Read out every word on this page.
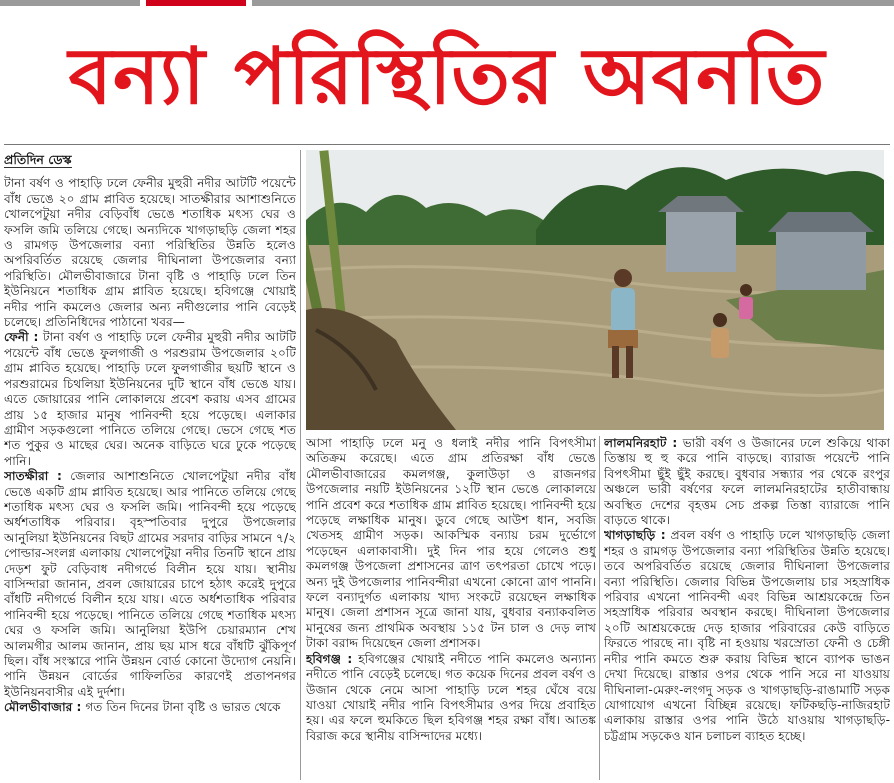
বন্যা পরিস্থিতির অবনতি
প্রতিদিন ডেস্ক

টানা বর্ষণ ও পাহাড়ি ঢলে ফেনীর মুহুরী নদীর আটটি পয়েন্টে বাঁধ ভেঙে ২০ গ্রাম প্লাবিত হয়েছে। সাতক্ষীরার আশাশুনিতে খোলপেটুয়া নদীর বেড়িবাঁধ ভেঙে শতাধিক মৎস্য ঘের ও ফসলি জমি তলিয়ে গেছে। অন্যদিকে খাগড়াছড়ি জেলা শহর ও রামগড় উপজেলার বন্যা পরিস্থিতির উন্নতি হলেও অপরিবর্তিত রয়েছে জেলার দীঘিনালা উপজেলার বন্যা পরিস্থিতি। মৌলভীবাজারে টানা বৃষ্টি ও পাহাড়ি ঢলে তিন ইউনিয়নে শতাধিক গ্রাম প্লাবিত হয়েছে। হবিগঞ্জে খোয়াই নদীর পানি কমলেও জেলার অন্য নদীগুলোর পানি বেড়েই চলেছে। প্রতিনিধিদের পাঠানো খবর—

ফেনী : টানা বর্ষণ ও পাহাড়ি ঢলে ফেনীর মুহুরী নদীর আটটি পয়েন্টে বাঁধ ভেঙে ফুলগাজী ও পরশুরাম উপজেলার ২০টি গ্রাম প্লাবিত হয়েছে। পাহাড়ি ঢলে ফুলগাজীর ছয়টি স্থানে ও পরশুরামের চিথলিয়া ইউনিয়নের দুটি স্থানে বাঁধ ভেঙে যায়। এতে জোয়ারের পানি লোকালয়ে প্রবেশ করায় এসব গ্রামের প্রায় ১৫ হাজার মানুষ পানিবন্দী হয়ে পড়েছে। এলাকার গ্রামীণ সড়কগুলো পানিতে তলিয়ে গেছে। ভেসে গেছে শত শত পুকুর ও মাছের ঘের। অনেক বাড়িতে ঘরে ঢুকে পড়েছে পানি।

সাতক্ষীরা : জেলার আশাশুনিতে খোলপেটুয়া নদীর বাঁধ ভেঙে একটি গ্রাম প্লাবিত হয়েছে। আর পানিতে তলিয়ে গেছে শতাধিক মৎস্য ঘের ও ফসলি জমি। পানিবন্দী হয়ে পড়েছে অর্ধশতাধিক পরিবার। বৃহস্পতিবার দুপুরে উপজেলার আনুলিয়া ইউনিয়নের বিছট গ্রামের সরদার বাড়ির সামনে ৭/২ পোল্ডার-সংলগ্ন এলাকায় খোলপেটুয়া নদীর তিনটি স্থানে প্রায় দেড়শ ফুট বেড়িবাধ নদীগর্ভে বিলীন হয়ে যায়। স্থানীয় বাসিন্দারা জানান, প্রবল জোয়ারের চাপে হঠাৎ করেই দুপুরে বাঁধটি নদীগর্ভে বিলীন হয়ে যায়। এতে অর্ধশতাধিক পরিবার পানিবন্দী হয়ে পড়েছে। পানিতে তলিয়ে গেছে শতাধিক মৎস্য ঘের ও ফসলি জমি। আনুলিয়া ইউপি চেয়ারম্যান শেখ আলমগীর আলম জানান, প্রায় ছয় মাস ধরে বাঁধটি ঝুঁকিপূর্ণ ছিল। বাঁধ সংস্কারে পানি উন্নয়ন বোর্ড কোনো উদ্যোগ নেয়নি। পানি উন্নয়ন বোর্ডের গাফিলতির কারণেই প্রতাপনগর ইউনিয়নবাসীর এই দুর্দশা।

মৌলভীবাজার : গত তিন দিনের টানা বৃষ্টি ও ভারত থেকে

আসা পাহাড়ি ঢলে মনু ও ধলাই নদীর পানি বিপৎসীমা অতিক্রম করেছে। এতে গ্রাম প্রতিরক্ষা বাঁধ ভেঙে মৌলভীবাজারের কমলগঞ্জ, কুলাউড়া ও রাজনগর উপজেলার নয়টি ইউনিয়নের ১২টি স্থান ভেঙে লোকালয়ে পানি প্রবেশ করে শতাধিক গ্রাম প্লাবিত হয়েছে। পানিবন্দী হয়ে পড়েছে লক্ষাধিক মানুষ। ডুবে গেছে আউশ ধান, সবজি খেতসহ গ্রামীণ সড়ক। আকস্মিক বন্যায় চরম দুর্ভোগে পড়েছেন এলাকাবাসী। দুই দিন পার হয়ে গেলেও শুধু কমলগঞ্জ উপজেলা প্রশাসনের ত্রাণ তৎপরতা চোখে পড়ে। অন্য দুই উপজেলার পানিবন্দীরা এখনো কোনো ত্রাণ পাননি। ফলে বন্যাদুর্গত এলাকায় খাদ্য সংকটে রয়েছেন লক্ষাধিক মানুষ। জেলা প্রশাসন সূত্রে জানা যায়, বুধবার বন্যাকবলিত মানুষের জন্য প্রাথমিক অবস্থায় ১১৫ টন চাল ও দেড় লাখ টাকা বরাদ্দ দিয়েছেন জেলা প্রশাসক।

হবিগঞ্জ : হবিগঞ্জের খোয়াই নদীতে পানি কমলেও অন্যান্য নদীতে পানি বেড়েই চলেছে। গত কয়েক দিনের প্রবল বর্ষণ ও উজান থেকে নেমে আসা পাহাড়ি ঢলে শহর ঘেঁষে বয়ে যাওয়া খোয়াই নদীর পানি বিপৎসীমার ওপর দিয়ে প্রবাহিত হয়। এর ফলে হুমকিতে ছিল হবিগঞ্জ শহর রক্ষা বাঁধ। আতঙ্ক বিরাজ করে স্থানীয় বাসিন্দাদের মধ্যে।

লালমনিরহাট : ভারী বর্ষণ ও উজানের ঢলে শুকিয়ে থাকা তিস্তায় হু হু করে পানি বাড়ছে। ব্যারাজ পয়েন্টে পানি বিপৎসীমা ছুঁই ছুঁই করছে। বুধবার সন্ধ্যার পর থেকে রংপুর অঞ্চলে ভারী বর্ষণের ফলে লালমনিরহাটের হাতীবান্ধায় অবস্থিত দেশের বৃহত্তম সেচ প্রকল্প তিস্তা ব্যারাজে পানি বাড়তে থাকে।

খাগড়াছড়ি : প্রবল বর্ষণ ও পাহাড়ি ঢলে খাগড়াছড়ি জেলা শহর ও রামগড় উপজেলার বন্যা পরিস্থিতির উন্নতি হয়েছে। তবে অপরিবর্তিত রয়েছে জেলার দীঘিনালা উপজেলার বন্যা পরিস্থিতি। জেলার বিভিন্ন উপজেলায় চার সহস্রাধিক পরিবার এখনো পানিবন্দী এবং বিভিন্ন আশ্রয়কেন্দ্রে তিন সহস্রাধিক পরিবার অবস্থান করছে। দীঘিনালা উপজেলার ২০টি আশ্রয়কেন্দ্রে দেড় হাজার পরিবারের কেউ বাড়িতে ফিরতে পারছে না। বৃষ্টি না হওয়ায় খরস্রোতা ফেনী ও চেঙ্গী নদীর পানি কমতে শুরু করায় বিভিন্ন স্থানে ব্যাপক ভাঙন দেখা দিয়েছে। রাস্তার ওপর থেকে পানি সরে না যাওয়ায় দীঘিনালা-মেরুং-লংগদু সড়ক ও খাগড়াছড়ি-রাঙামাটি সড়ক যোগাযোগ এখনো বিচ্ছিন্ন রয়েছে। ফটিকছড়ি-নাজিরহাট এলাকায় রাস্তার ওপর পানি উঠে যাওয়ায় খাগড়াছড়ি-চট্টগ্রাম সড়কেও যান চলাচল ব্যাহত হচ্ছে।
